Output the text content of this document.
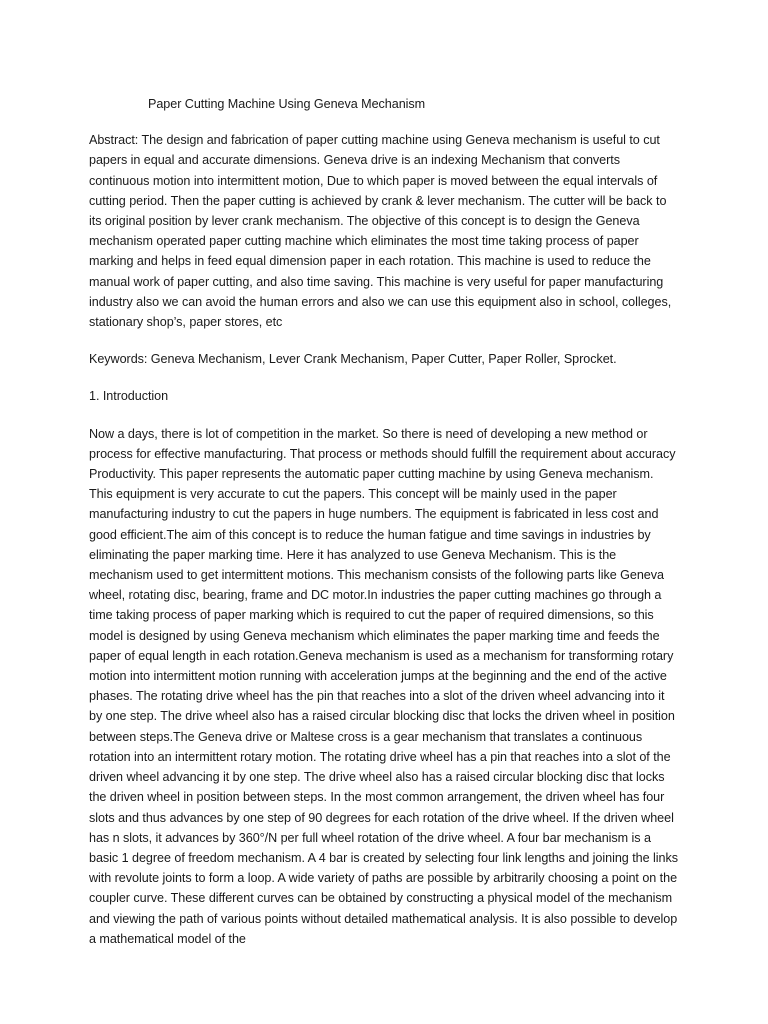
Paper Cutting Machine Using Geneva Mechanism

Abstract: The design and fabrication of paper cutting machine using Geneva mechanism is useful to cut papers in equal and accurate dimensions. Geneva drive is an indexing Mechanism that converts continuous motion into intermittent motion, Due to which paper is moved between the equal intervals of cutting period. Then the paper cutting is achieved by crank & lever mechanism. The cutter will be back to its original position by lever crank mechanism. The objective of this concept is to design the Geneva mechanism operated paper cutting machine which eliminates the most time taking process of paper marking and helps in feed equal dimension paper in each rotation. This machine is used to reduce the manual work of paper cutting, and also time saving. This machine is very useful for paper manufacturing industry also we can avoid the human errors and also we can use this equipment also in school, colleges, stationary shop’s, paper stores, etc

Keywords: Geneva Mechanism, Lever Crank Mechanism, Paper Cutter, Paper Roller, Sprocket.

1. Introduction

Now a days, there is lot of competition in the market. So there is need of developing a new method or process for effective manufacturing. That process or methods should fulfill the requirement about accuracy Productivity. This paper represents the automatic paper cutting machine by using Geneva mechanism. This equipment is very accurate to cut the papers. This concept will be mainly used in the paper manufacturing industry to cut the papers in huge numbers. The equipment is fabricated in less cost and good efficient.The aim of this concept is to reduce the human fatigue and time savings in industries by eliminating the paper marking time. Here it has analyzed to use Geneva Mechanism. This is the mechanism used to get intermittent motions. This mechanism consists of the following parts like Geneva wheel, rotating disc, bearing, frame and DC motor.In industries the paper cutting machines go through a time taking process of paper marking which is required to cut the paper of required dimensions, so this model is designed by using Geneva mechanism which eliminates the paper marking time and feeds the paper of equal length in each rotation.Geneva mechanism is used as a mechanism for transforming rotary motion into intermittent motion running with acceleration jumps at the beginning and the end of the active phases. The rotating drive wheel has the pin that reaches into a slot of the driven wheel advancing into it by one step. The drive wheel also has a raised circular blocking disc that locks the driven wheel in position between steps.The Geneva drive or Maltese cross is a gear mechanism that translates a continuous rotation into an intermittent rotary motion. The rotating drive wheel has a pin that reaches into a slot of the driven wheel advancing it by one step. The drive wheel also has a raised circular blocking disc that locks the driven wheel in position between steps. In the most common arrangement, the driven wheel has four slots and thus advances by one step of 90 degrees for each rotation of the drive wheel. If the driven wheel has n slots, it advances by 360°/N per full wheel rotation of the drive wheel. A four bar mechanism is a basic 1 degree of freedom mechanism. A 4 bar is created by selecting four link lengths and joining the links with revolute joints to form a loop. A wide variety of paths are possible by arbitrarily choosing a point on the coupler curve. These different curves can be obtained by constructing a physical model of the mechanism and viewing the path of various points without detailed mathematical analysis. It is also possible to develop a mathematical model of the
